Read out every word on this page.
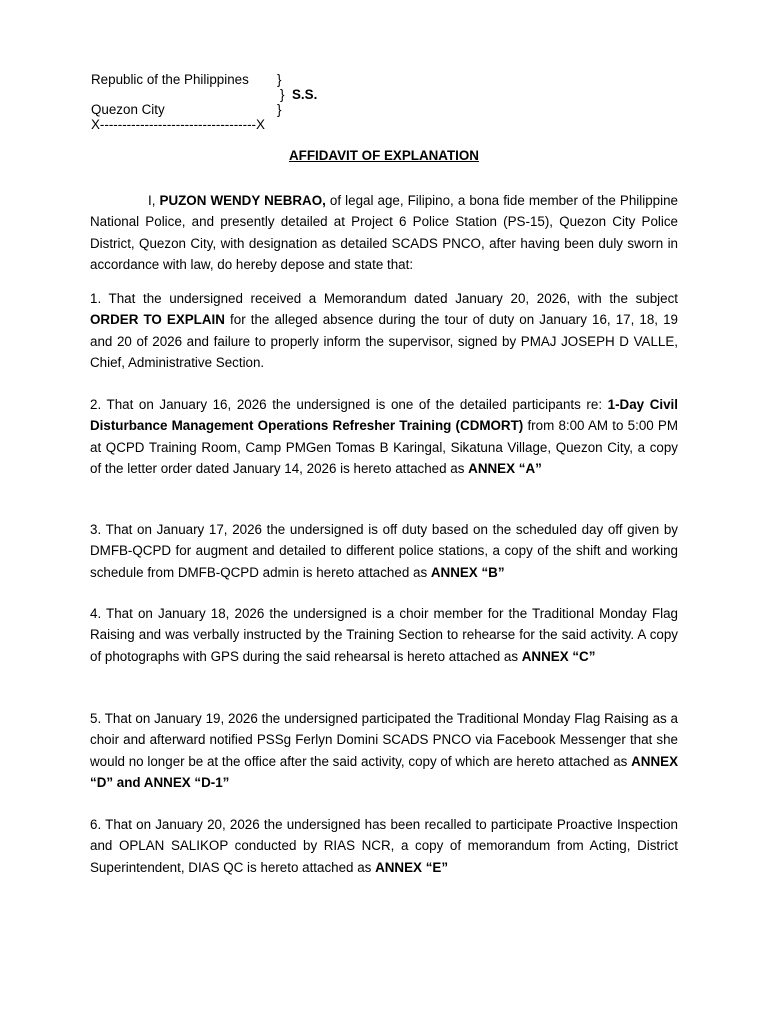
Republic of the Philippines }
} S.S.
Quezon City	}
X-----------------------------------X
AFFIDAVIT OF EXPLANATION

I, PUZON WENDY NEBRAO, of legal age, Filipino, a bona fide member of the Philippine National Police, and presently detailed at Project 6 Police Station (PS-15), Quezon City Police District, Quezon City, with designation as detailed SCADS PNCO, after having been duly sworn in accordance with law, do hereby depose and state that:

1. That the undersigned received a Memorandum dated January 20, 2026, with the subject ORDER TO EXPLAIN for the alleged absence during the tour of duty on January 16, 17, 18, 19 and 20 of 2026 and failure to properly inform the supervisor, signed by PMAJ JOSEPH D VALLE, Chief, Administrative Section.

2. That on January 16, 2026 the undersigned is one of the detailed participants re: 1-Day Civil Disturbance Management Operations Refresher Training (CDMORT) from 8:00 AM to 5:00 PM at QCPD Training Room, Camp PMGen Tomas B Karingal, Sikatuna Village, Quezon City, a copy of the letter order dated January 14, 2026 is hereto attached as ANNEX “A”

3. That on January 17, 2026 the undersigned is off duty based on the scheduled day off given by DMFB-QCPD for augment and detailed to different police stations, a copy of the shift and working schedule from DMFB-QCPD admin is hereto attached as ANNEX “B”

4. That on January 18, 2026 the undersigned is a choir member for the Traditional Monday Flag Raising and was verbally instructed by the Training Section to rehearse for the said activity. A copy of photographs with GPS during the said rehearsal is hereto attached as ANNEX “C”

5. That on January 19, 2026 the undersigned participated the Traditional Monday Flag Raising as a choir and afterward notified PSSg Ferlyn Domini SCADS PNCO via Facebook Messenger that she would no longer be at the office after the said activity, copy of which are hereto attached as ANNEX “D” and ANNEX “D-1”

6. That on January 20, 2026 the undersigned has been recalled to participate Proactive Inspection and OPLAN SALIKOP conducted by RIAS NCR, a copy of memorandum from Acting, District Superintendent, DIAS QC is hereto attached as ANNEX “E”
